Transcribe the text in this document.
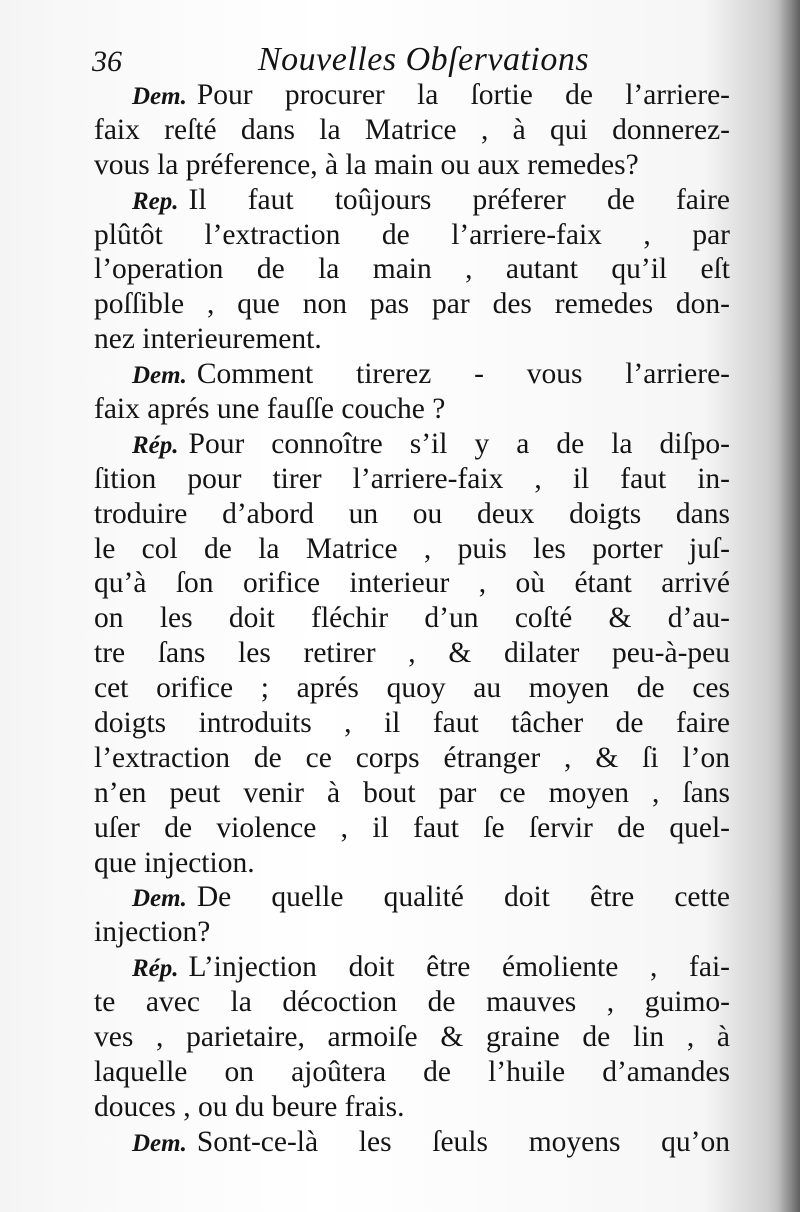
36	Nouvelles Obſervations
Dem. Pour procurer la ſortie de l’arriere-
faix reſté dans la Matrice , à qui donnerez-
vous la préference, à la main ou aux remedes?
Rep. Il faut toûjours préferer de faire
plûtôt l’extraction de l’arriere-faix , par
l’operation de la main , autant qu’il eſt
poſſible , que non pas par des remedes don-
nez interieurement.
Dem. Comment tirerez - vous l’arriere-
faix aprés une fauſſe couche ?
Rép. Pour connoître s’il y a de la diſpo-
ſition pour tirer l’arriere-faix , il faut in-
troduire d’abord un ou deux doigts dans
le col de la Matrice , puis les porter juſ-
qu’à ſon orifice interieur , où étant arrivé
on les doit fléchir d’un coſté & d’au-
tre ſans les retirer , & dilater peu-à-peu
cet orifice ; aprés quoy au moyen de ces
doigts introduits , il faut tâcher de faire
l’extraction de ce corps étranger , & ſi l’on
n’en peut venir à bout par ce moyen , ſans
uſer de violence , il faut ſe ſervir de quel-
que injection.
Dem. De quelle qualité doit être cette
injection?
Rép. L’injection doit être émoliente , fai-
te avec la décoction de mauves , guimo-
ves , parietaire, armoiſe & graine de lin , à
laquelle on ajoûtera de l’huile d’amandes
douces , ou du beure frais.
Dem. Sont-ce-là les ſeuls moyens qu’on
